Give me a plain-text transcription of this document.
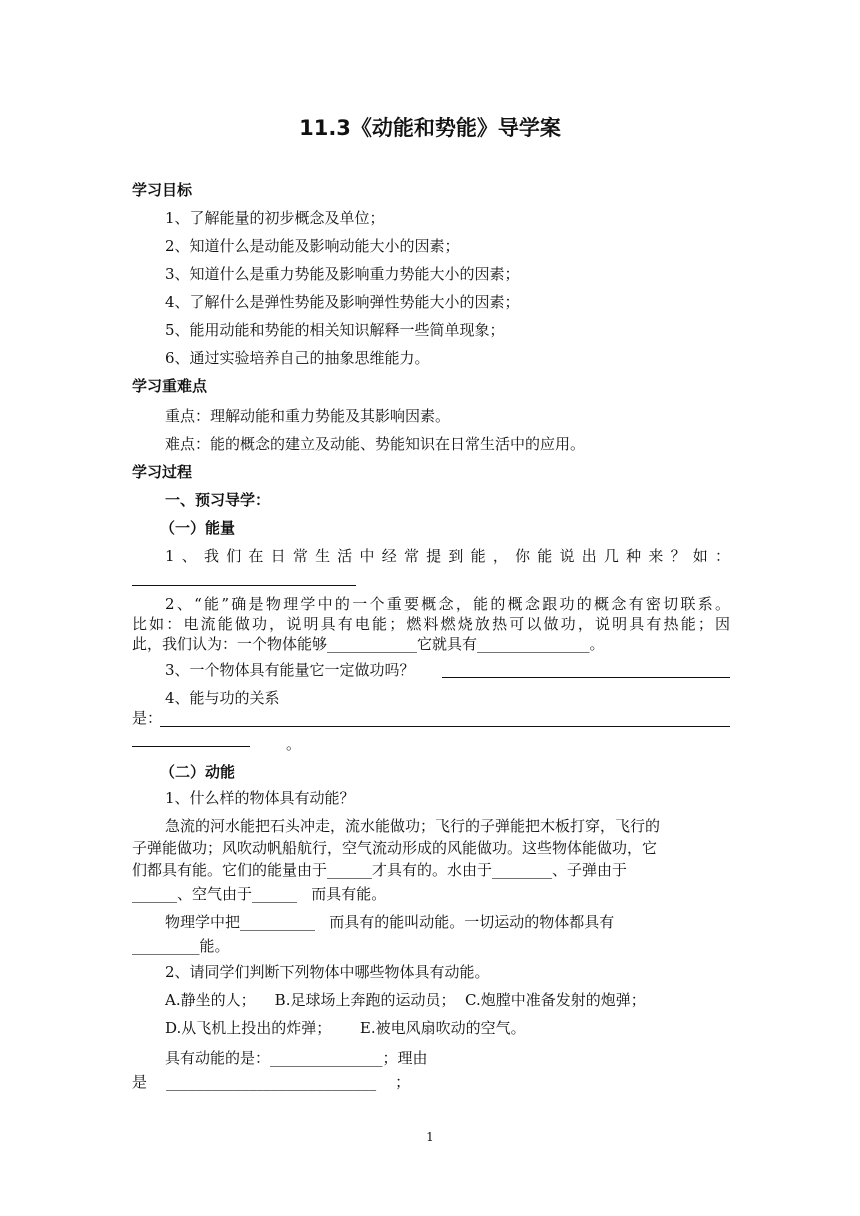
11.3《动能和势能》导学案
学习目标
1、了解能量的初步概念及单位；
2、知道什么是动能及影响动能大小的因素；
3、知道什么是重力势能及影响重力势能大小的因素；
4、了解什么是弹性势能及影响弹性势能大小的因素；
5、能用动能和势能的相关知识解释一些简单现象；
6、通过实验培养自己的抽象思维能力。
学习重难点
重点：理解动能和重力势能及其影响因素。
难点：能的概念的建立及动能、势能知识在日常生活中的应用。
学习过程
一、预习导学：
（一）能量
1、我们在日常生活中经常提到能，你能说出几种来？如：
2、“能”确是物理学中的一个重要概念，能的概念跟功的概念有密切联系。
比如：电流能做功，说明具有电能；燃料燃烧放热可以做功，说明具有热能；因
此，我们认为：一个物体能够____________它就具有_______________。
3、一个物体具有能量它一定做功吗？
4、能与功的关系
是：
。
（二）动能
1、什么样的物体具有动能？
急流的河水能把石头冲走，流水能做功；飞行的子弹能把木板打穿，飞行的
子弹能做功；风吹动帆船航行，空气流动形成的风能做功。这些物体能做功，它
们都具有能。它们的能量由于______才具有的。水由于________、子弹由于
______、空气由于______   而具有能。
物理学中把__________   而具有的能叫动能。一切运动的物体都具有
_________能。
2、请同学们判断下列物体中哪些物体具有动能。
A.静坐的人；    B.足球场上奔跑的运动员；  C.炮膛中准备发射的炮弹；
D.从飞机上投出的炸弹；      E.被电风扇吹动的空气。
具有动能的是：_______________；理由
是    ____________________________    ；
1
